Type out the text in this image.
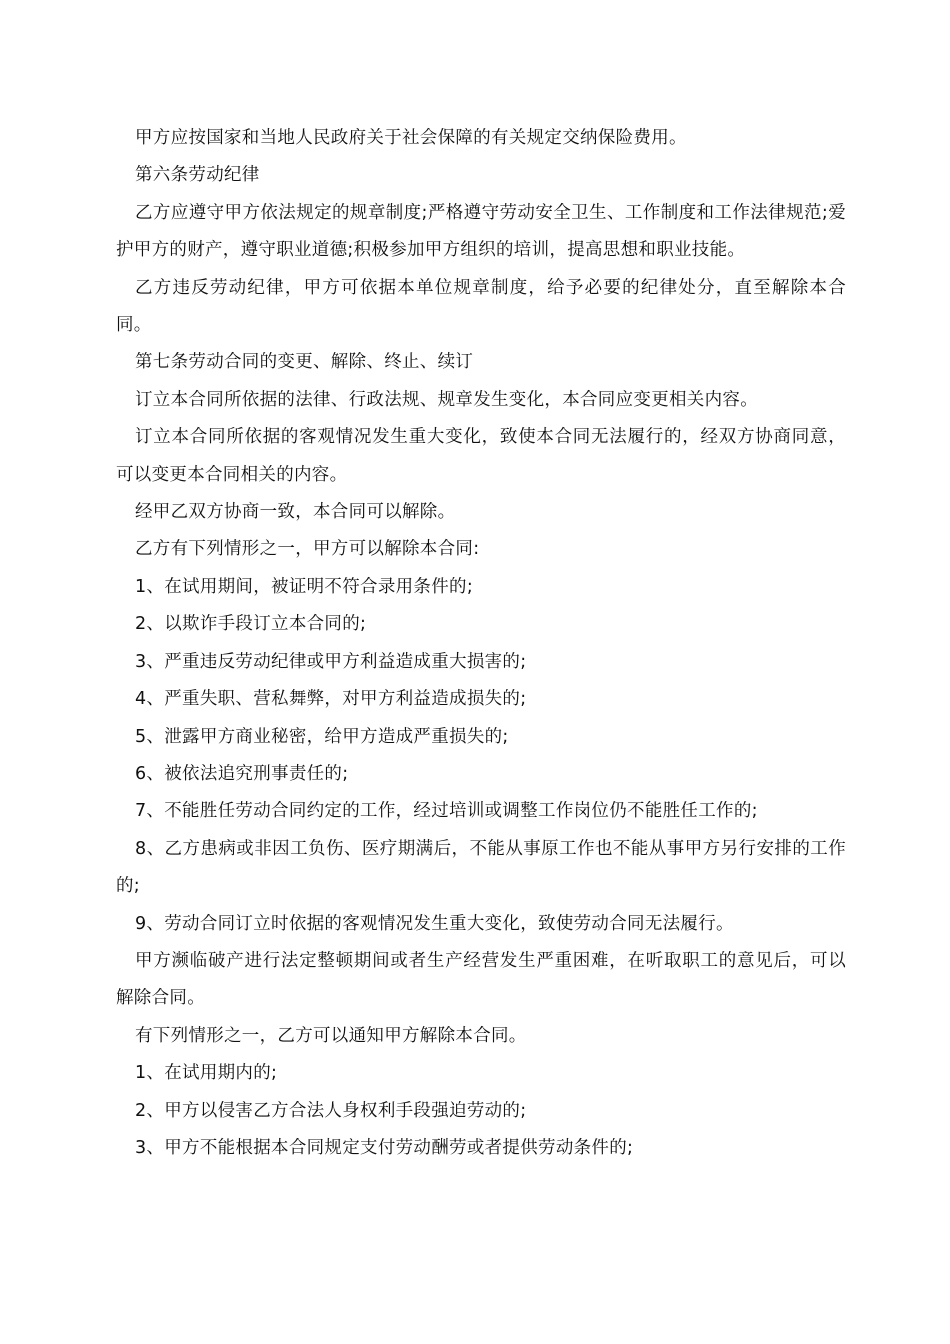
甲方应按国家和当地人民政府关于社会保障的有关规定交纳保险费用。

第六条劳动纪律

乙方应遵守甲方依法规定的规章制度;严格遵守劳动安全卫生、工作制度和工作法律规范;爱护甲方的财产，遵守职业道德;积极参加甲方组织的培训，提高思想和职业技能。

乙方违反劳动纪律，甲方可依据本单位规章制度，给予必要的纪律处分，直至解除本合同。

第七条劳动合同的变更、解除、终止、续订

订立本合同所依据的法律、行政法规、规章发生变化，本合同应变更相关内容。

订立本合同所依据的客观情况发生重大变化，致使本合同无法履行的，经双方协商同意，可以变更本合同相关的内容。

经甲乙双方协商一致，本合同可以解除。

乙方有下列情形之一，甲方可以解除本合同:

1、在试用期间，被证明不符合录用条件的;

2、以欺诈手段订立本合同的;

3、严重违反劳动纪律或甲方利益造成重大损害的;

4、严重失职、营私舞弊，对甲方利益造成损失的;

5、泄露甲方商业秘密，给甲方造成严重损失的;

6、被依法追究刑事责任的;

7、不能胜任劳动合同约定的工作，经过培训或调整工作岗位仍不能胜任工作的;

8、乙方患病或非因工负伤、医疗期满后，不能从事原工作也不能从事甲方另行安排的工作的;

9、劳动合同订立时依据的客观情况发生重大变化，致使劳动合同无法履行。

甲方濒临破产进行法定整顿期间或者生产经营发生严重困难，在听取职工的意见后，可以解除合同。

有下列情形之一，乙方可以通知甲方解除本合同。

1、在试用期内的;

2、甲方以侵害乙方合法人身权利手段强迫劳动的;

3、甲方不能根据本合同规定支付劳动酬劳或者提供劳动条件的;
